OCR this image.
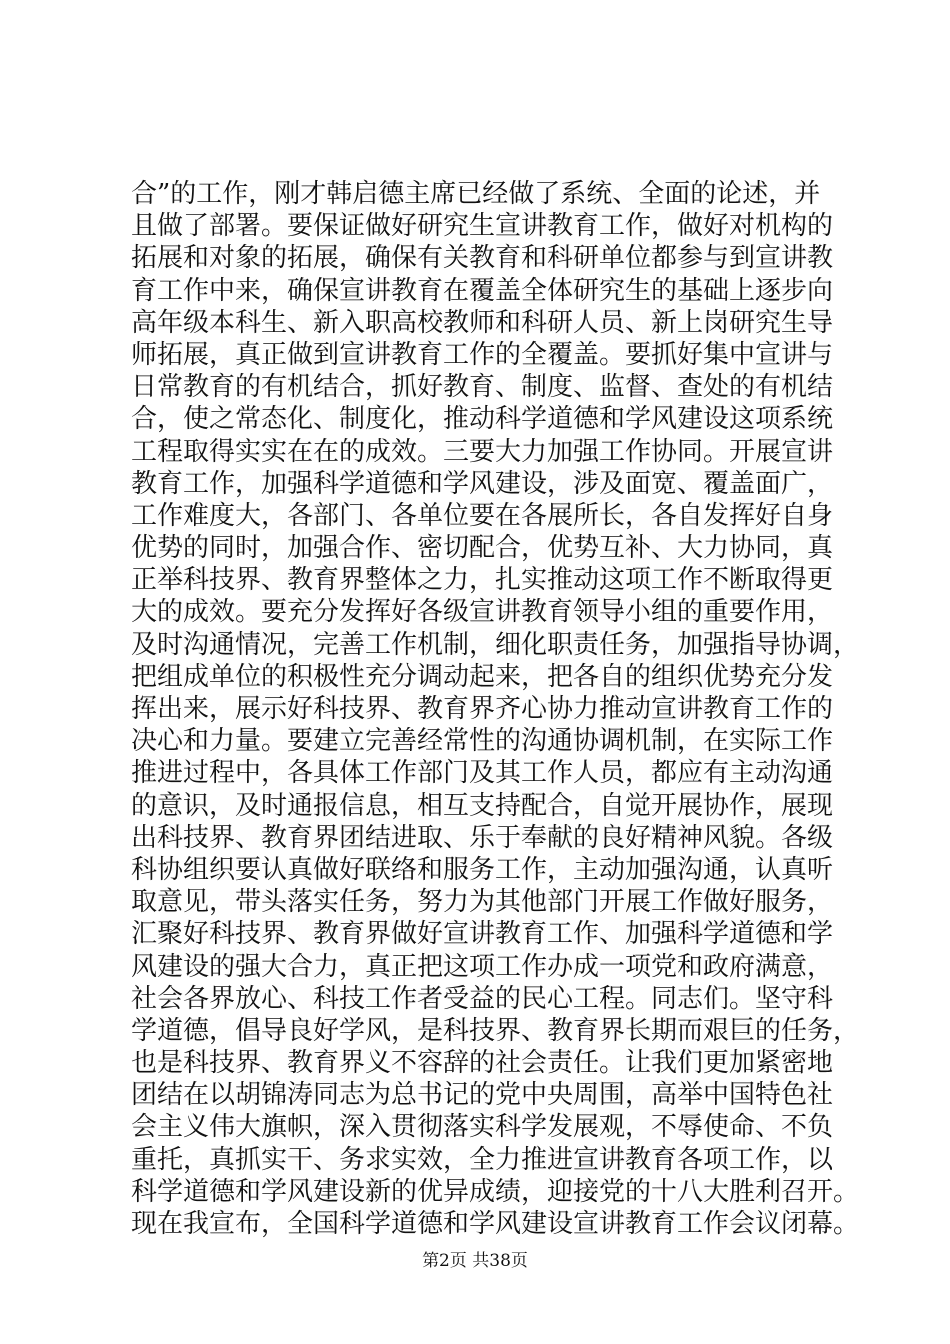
合”的工作，刚才韩启德主席已经做了系统、全面的论述，并
且做了部署。要保证做好研究生宣讲教育工作，做好对机构的
拓展和对象的拓展，确保有关教育和科研单位都参与到宣讲教
育工作中来，确保宣讲教育在覆盖全体研究生的基础上逐步向
高年级本科生、新入职高校教师和科研人员、新上岗研究生导
师拓展，真正做到宣讲教育工作的全覆盖。要抓好集中宣讲与
日常教育的有机结合，抓好教育、制度、监督、查处的有机结
合，使之常态化、制度化，推动科学道德和学风建设这项系统
工程取得实实在在的成效。三要大力加强工作协同。开展宣讲
教育工作，加强科学道德和学风建设，涉及面宽、覆盖面广，
工作难度大，各部门、各单位要在各展所长，各自发挥好自身
优势的同时，加强合作、密切配合，优势互补、大力协同，真
正举科技界、教育界整体之力，扎实推动这项工作不断取得更
大的成效。要充分发挥好各级宣讲教育领导小组的重要作用，
及时沟通情况，完善工作机制，细化职责任务，加强指导协调，
把组成单位的积极性充分调动起来，把各自的组织优势充分发
挥出来，展示好科技界、教育界齐心协力推动宣讲教育工作的
决心和力量。要建立完善经常性的沟通协调机制，在实际工作
推进过程中，各具体工作部门及其工作人员，都应有主动沟通
的意识，及时通报信息，相互支持配合，自觉开展协作，展现
出科技界、教育界团结进取、乐于奉献的良好精神风貌。各级
科协组织要认真做好联络和服务工作，主动加强沟通，认真听
取意见，带头落实任务，努力为其他部门开展工作做好服务，
汇聚好科技界、教育界做好宣讲教育工作、加强科学道德和学
风建设的强大合力，真正把这项工作办成一项党和政府满意，
社会各界放心、科技工作者受益的民心工程。同志们。坚守科
学道德，倡导良好学风，是科技界、教育界长期而艰巨的任务，
也是科技界、教育界义不容辞的社会责任。让我们更加紧密地
团结在以胡锦涛同志为总书记的党中央周围，高举中国特色社
会主义伟大旗帜，深入贯彻落实科学发展观，不辱使命、不负
重托，真抓实干、务求实效，全力推进宣讲教育各项工作，以
科学道德和学风建设新的优异成绩，迎接党的十八大胜利召开。
现在我宣布，全国科学道德和学风建设宣讲教育工作会议闭幕。
第2页 共38页
